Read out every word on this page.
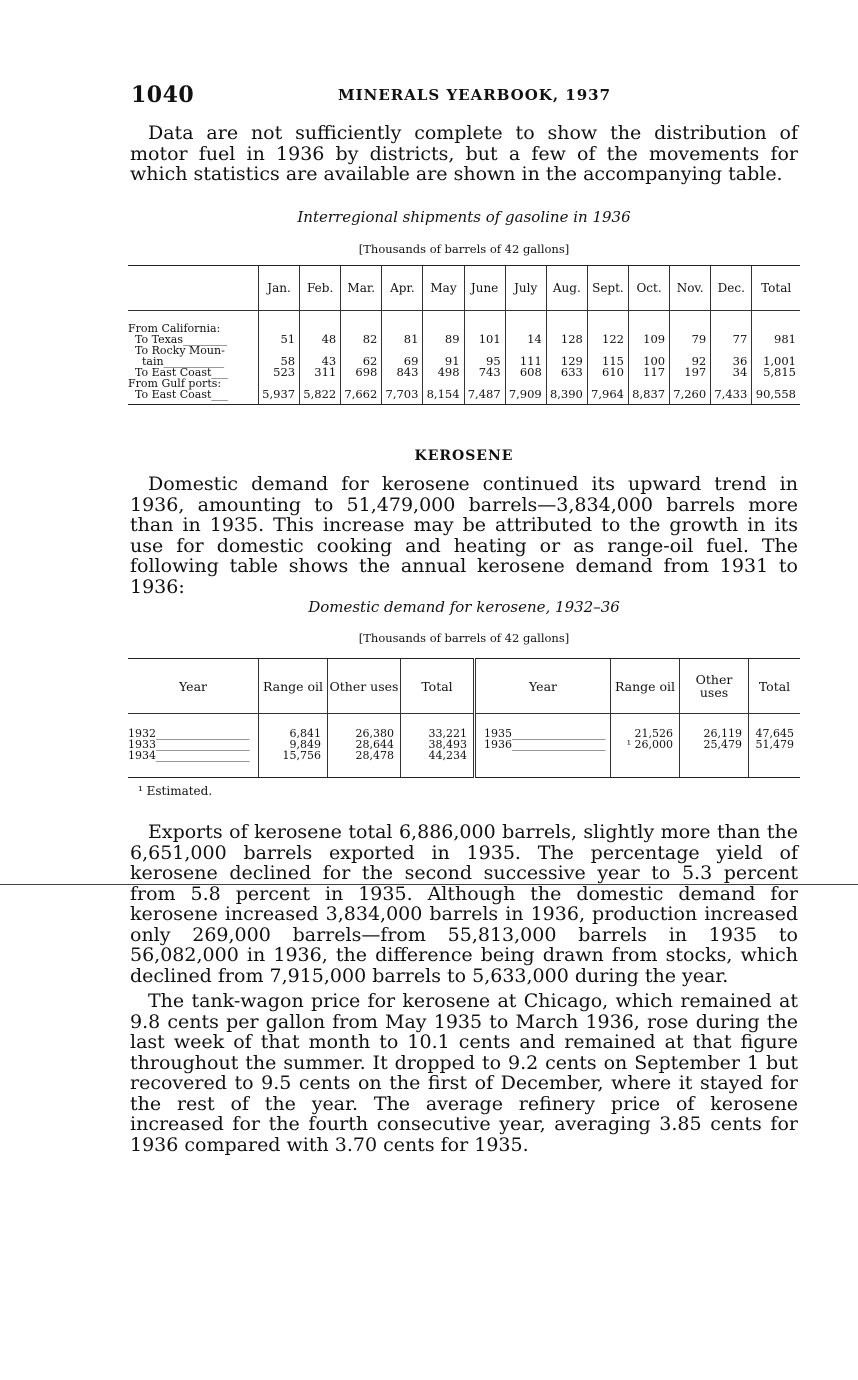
1040	MINERALS YEARBOOK, 1937

Data are not sufficiently complete to show the distribution of motor fuel in 1936 by districts, but a few of the movements for which statistics are available are shown in the accompanying table.

Interregional shipments of gasoline in 1936
[Thousands of barrels of 42 gallons]
	Jan.	Feb.	Mar.	Apr.	May	June	July	Aug.	Sept.	Oct.	Nov.	Dec.	Total
From California:													
To Texas________	51	48	82	81	89	101	14	128	122	109	79	77	981
To Rocky Moun-													
tain___________	58	43	62	69	91	95	111	129	115	100	92	36	1,001
To East Coast___	523	311	698	843	498	743	608	633	610	117	197	34	5,815
From Gulf ports:													
To East Coast___	5,937	5,822	7,662	7,703	8,154	7,487	7,909	8,390	7,964	8,837	7,260	7,433	90,558
KEROSENE

Domestic demand for kerosene continued its upward trend in 1936, amounting to 51,479,000 barrels—3,834,000 barrels more than in 1935. This increase may be attributed to the growth in its use for domestic cooking and heating or as range-oil fuel. The following table shows the annual kerosene demand from 1931 to 1936:

Domestic demand for kerosene, 1932–36
[Thousands of barrels of 42 gallons]
Year	Range oil	Other uses	Total	Year	Range oil	Other uses	Total
1932_________________	6,841	26,380	33,221	1935_________________	21,526	26,119	47,645
1933_________________	9,849	28,644	38,493	1936_________________	¹ 26,000	25,479	51,479
1934_________________	15,756	28,478	44,234				
¹ Estimated.

Exports of kerosene total 6,886,000 barrels, slightly more than the 6,651,000 barrels exported in 1935. The percentage yield of kerosene declined for the second successive year to 5.3 percent from 5.8 percent in 1935. Although the domestic demand for kerosene increased 3,834,000 barrels in 1936, production increased only 269,000 barrels—from 55,813,000 barrels in 1935 to 56,082,000 in 1936, the difference being drawn from stocks, which declined from 7,915,000 barrels to 5,633,000 during the year.

The tank-wagon price for kerosene at Chicago, which remained at 9.8 cents per gallon from May 1935 to March 1936, rose during the last week of that month to 10.1 cents and remained at that figure throughout the summer. It dropped to 9.2 cents on September 1 but recovered to 9.5 cents on the first of December, where it stayed for the rest of the year. The average refinery price of kerosene increased for the fourth consecutive year, averaging 3.85 cents for 1936 compared with 3.70 cents for 1935.
